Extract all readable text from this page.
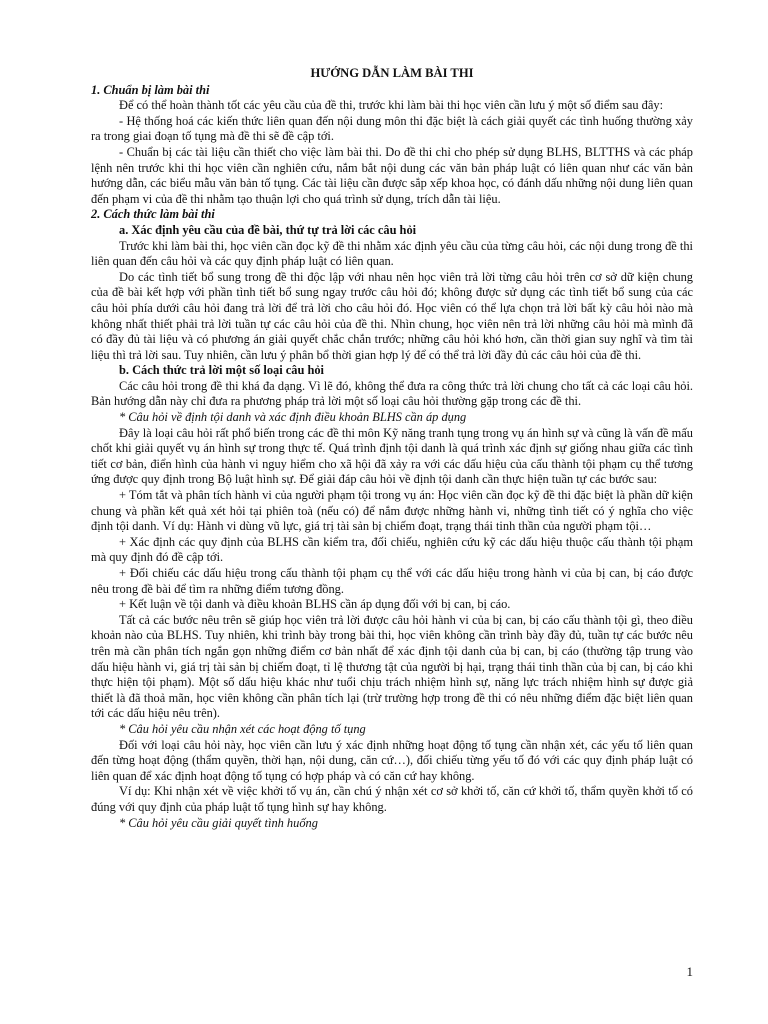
HƯỚNG DẪN LÀM BÀI THI
1. Chuẩn bị làm bài thi
Để có thể hoàn thành tốt các yêu cầu của đề thi, trước khi làm bài thi học viên cần lưu ý một số điểm sau đây:
- Hệ thống hoá các kiến thức liên quan đến nội dung môn thi đặc biệt là cách giải quyết các tình huống thường xảy ra trong giai đoạn tố tụng mà đề thi sẽ đề cập tới.
- Chuẩn bị các tài liệu cần thiết cho việc làm bài thi. Do đề thi chỉ cho phép sử dụng BLHS, BLTTHS và các pháp lệnh nên trước khi thi học viên cần nghiên cứu, nắm bắt nội dung các văn bản pháp luật có liên quan như các văn bản hướng dẫn, các biểu mẫu văn bản tố tụng. Các tài liệu cần được sắp xếp khoa học, có đánh dấu những nội dung liên quan đến phạm vi của đề thi nhằm tạo thuận lợi cho quá trình sử dụng, trích dẫn tài liệu.
2. Cách thức làm bài thi
a. Xác định yêu cầu của đề bài, thứ tự trả lời các câu hỏi
Trước khi làm bài thi, học viên cần đọc kỹ đề thi nhằm xác định yêu cầu của từng câu hỏi, các nội dung trong đề thi liên quan đến câu hỏi và các quy định pháp luật có liên quan.
Do các tình tiết bổ sung trong đề thi độc lập với nhau nên học viên trả lời từng câu hỏi trên cơ sở dữ kiện chung của đề bài kết hợp với phần tình tiết bổ sung ngay trước câu hỏi đó; không được sử dụng các tình tiết bổ sung của các câu hỏi phía dưới câu hỏi đang trả lời để trả lời cho câu hỏi đó. Học viên có thể lựa chọn trả lời bất kỳ câu hỏi nào mà không nhất thiết phải trả lời tuần tự các câu hỏi của đề thi. Nhìn chung, học viên nên trả lời những câu hỏi mà mình đã có đầy đủ tài liệu và có phương án giải quyết chắc chắn trước; những câu hỏi khó hơn, cần thời gian suy nghĩ và tìm tài liệu thì trả lời sau. Tuy nhiên, cần lưu ý phân bổ thời gian hợp lý để có thể trả lời đầy đủ các câu hỏi của đề thi.
b. Cách thức trả lời một số loại câu hỏi
Các câu hỏi trong đề thi khá đa dạng. Vì lẽ đó, không thể đưa ra công thức trả lời chung cho tất cả các loại câu hỏi. Bản hướng dẫn này chỉ đưa ra phương pháp trả lời một số loại câu hỏi thường gặp trong các đề thi.
* Câu hỏi về định tội danh và xác định điều khoản BLHS cần áp dụng
Đây là loại câu hỏi rất phổ biến trong các đề thi môn Kỹ năng tranh tụng trong vụ án hình sự và cũng là vấn đề mấu chốt khi giải quyết vụ án hình sự trong thực tế. Quá trình định tội danh là quá trình xác định sự giống nhau giữa các tình tiết cơ bản, điển hình của hành vi nguy hiểm cho xã hội đã xảy ra với các dấu hiệu của cấu thành tội phạm cụ thể tương ứng được quy định trong Bộ luật hình sự. Để giải đáp câu hỏi về định tội danh cần thực hiện tuần tự các bước sau:
+ Tóm tắt và phân tích hành vi của người phạm tội trong vụ án: Học viên cần đọc kỹ đề thi đặc biệt là phần dữ kiện chung và phần kết quả xét hỏi tại phiên toà (nếu có) để nắm được những hành vi, những tình tiết có ý nghĩa cho việc định tội danh. Ví dụ: Hành vi dùng vũ lực, giá trị tài sản bị chiếm đoạt, trạng thái tinh thần của người phạm tội…
+ Xác định các quy định của BLHS cần kiểm tra, đối chiếu, nghiên cứu kỹ các dấu hiệu thuộc cấu thành tội phạm mà quy định đó đề cập tới.
+ Đối chiếu các dấu hiệu trong cấu thành tội phạm cụ thể với các dấu hiệu trong hành vi của bị can, bị cáo được nêu trong đề bài để tìm ra những điểm tương đồng.
+ Kết luận về tội danh và điều khoản BLHS cần áp dụng đối với bị can, bị cáo.
Tất cả các bước nêu trên sẽ giúp học viên trả lời được câu hỏi hành vi của bị can, bị cáo cấu thành tội gì, theo điều khoản nào của BLHS. Tuy nhiên, khi trình bày trong bài thi, học viên không cần trình bày đầy đủ, tuần tự các bước nêu trên mà cần phân tích ngắn gọn những điểm cơ bản nhất để xác định tội danh của bị can, bị cáo (thường tập trung vào dấu hiệu hành vi, giá trị tài sản bị chiếm đoạt, tỉ lệ thương tật của người bị hại, trạng thái tinh thần của bị can, bị cáo khi thực hiện tội phạm). Một số dấu hiệu khác như tuổi chịu trách nhiệm hình sự, năng lực trách nhiệm hình sự được giả thiết là đã thoả mãn, học viên không cần phân tích lại (trừ trường hợp trong đề thi có nêu những điểm đặc biệt liên quan tới các dấu hiệu nêu trên).
* Câu hỏi yêu cầu nhận xét các hoạt động tố tụng
Đối với loại câu hỏi này, học viên cần lưu ý xác định những hoạt động tố tụng cần nhận xét, các yếu tố liên quan đến từng hoạt động (thẩm quyền, thời hạn, nội dung, căn cứ…), đối chiếu từng yếu tố đó với các quy định pháp luật có liên quan để xác định hoạt động tố tụng có hợp pháp và có căn cứ hay không.
Ví dụ: Khi nhận xét về việc khởi tố vụ án, cần chú ý nhận xét cơ sở khởi tố, căn cứ khởi tố, thẩm quyền khởi tố có đúng với quy định của pháp luật tố tụng hình sự hay không.
* Câu hỏi yêu cầu giải quyết tình huống
1
